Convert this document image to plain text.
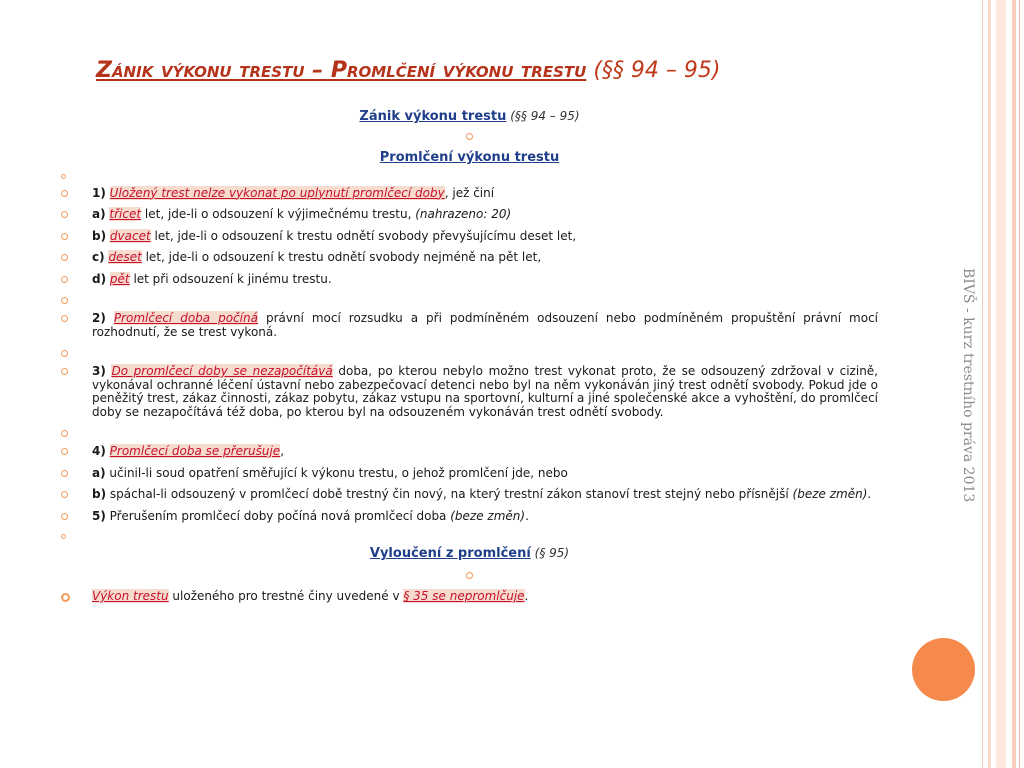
BIVŠ - kurz trestního práva 2013
Zánik výkonu trestu – Promlčení výkonu trestu (§§ 94 – 95)
Zánik výkonu trestu (§§ 94 – 95)
Promlčení výkonu trestu
1) Uložený trest nelze vykonat po uplynutí promlčecí doby, jež činí
a) třicet let, jde-li o odsouzení k výjimečnému trestu, (nahrazeno: 20)
b) dvacet let, jde-li o odsouzení k trestu odnětí svobody převyšujícímu deset let,
c) deset let, jde-li o odsouzení k trestu odnětí svobody nejméně na pět let,
d) pět let při odsouzení k jinému trestu.
2) Promlčecí doba počíná právní mocí rozsudku a při podmíněném odsouzení nebo podmíněném propuštění právní mocí rozhodnutí, že se trest vykoná.
3) Do promlčecí doby se nezapočítává doba, po kterou nebylo možno trest vykonat proto, že se odsouzený zdržoval v cizině, vykonával ochranné léčení ústavní nebo zabezpečovací detenci nebo byl na něm vykonáván jiný trest odnětí svobody. Pokud jde o peněžitý trest, zákaz činnosti, zákaz pobytu, zákaz vstupu na sportovní, kulturní a jiné společenské akce a vyhoštění, do promlčecí doby se nezapočítává též doba, po kterou byl na odsouzeném vykonáván trest odnětí svobody.
4) Promlčecí doba se přerušuje,
a) učinil-li soud opatření směřující k výkonu trestu, o jehož promlčení jde, nebo
b) spáchal-li odsouzený v promlčecí době trestný čin nový, na který trestní zákon stanoví trest stejný nebo přísnější (beze změn).
5) Přerušením promlčecí doby počíná nová promlčecí doba (beze změn).
Vyloučení z promlčení (§ 95)
Výkon trestu uloženého pro trestné činy uvedené v § 35 se nepromlčuje.
